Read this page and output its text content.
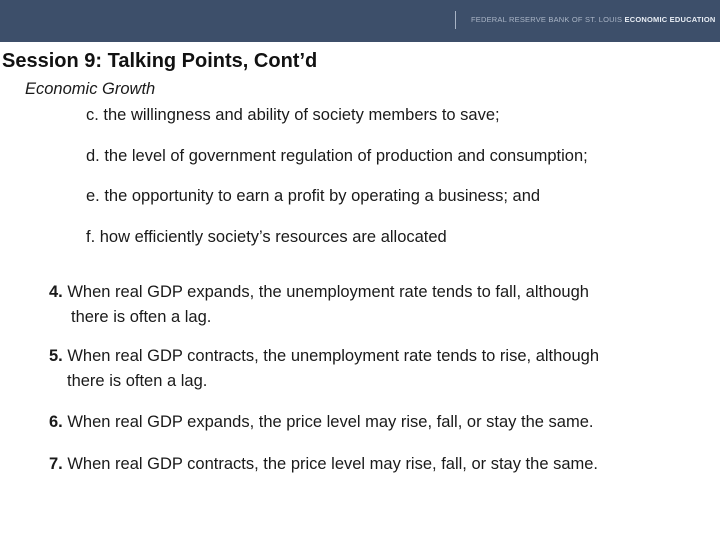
FEDERAL RESERVE BANK OF ST. LOUIS ECONOMIC EDUCATION
Session 9: Talking Points, Cont’d
Economic Growth
c. the willingness and ability of society members to save;
d. the level of government regulation of production and consumption;
e. the opportunity to earn a profit by operating a business; and
f. how efficiently society’s resources are allocated
4. When real GDP expands, the unemployment rate tends to fall, although
there is often a lag.
5. When real GDP contracts, the unemployment rate tends to rise, although
there is often a lag.
6. When real GDP expands, the price level may rise, fall, or stay the same.
7. When real GDP contracts, the price level may rise, fall, or stay the same.
